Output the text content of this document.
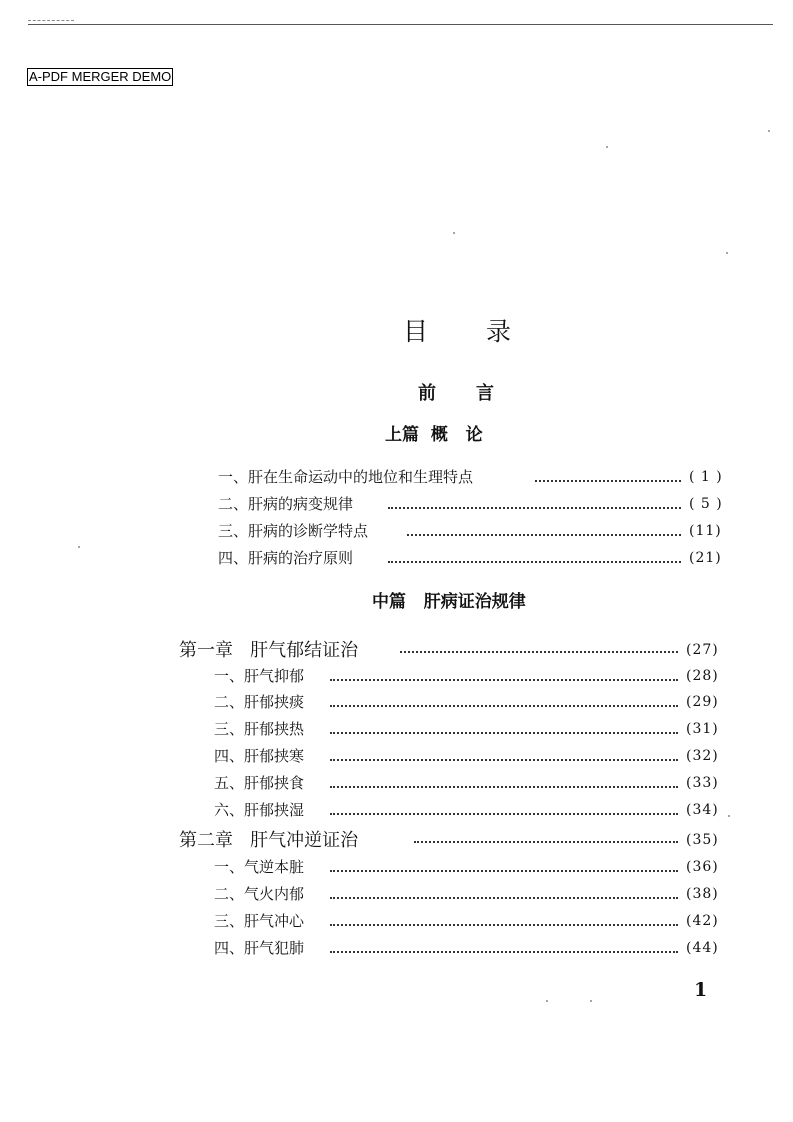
A-PDF MERGER DEMO
目录
前言
上篇  概   论
一、肝在生命运动中的地位和生理特点	( 1 )
二、肝病的病变规律	( 5 )
三、肝病的诊断学特点	(11)
四、肝病的治疗原则	(21)
中篇   肝病证治规律
第一章   肝气郁结证治	(27)
一、肝气抑郁	(28)
二、肝郁挟痰	(29)
三、肝郁挟热	(31)
四、肝郁挟寒	(32)
五、肝郁挟食	(33)
六、肝郁挟湿	(34)
第二章   肝气冲逆证治	(35)
一、气逆本脏	(36)
二、气火内郁	(38)
三、肝气冲心	(42)
四、肝气犯肺	(44)
1
